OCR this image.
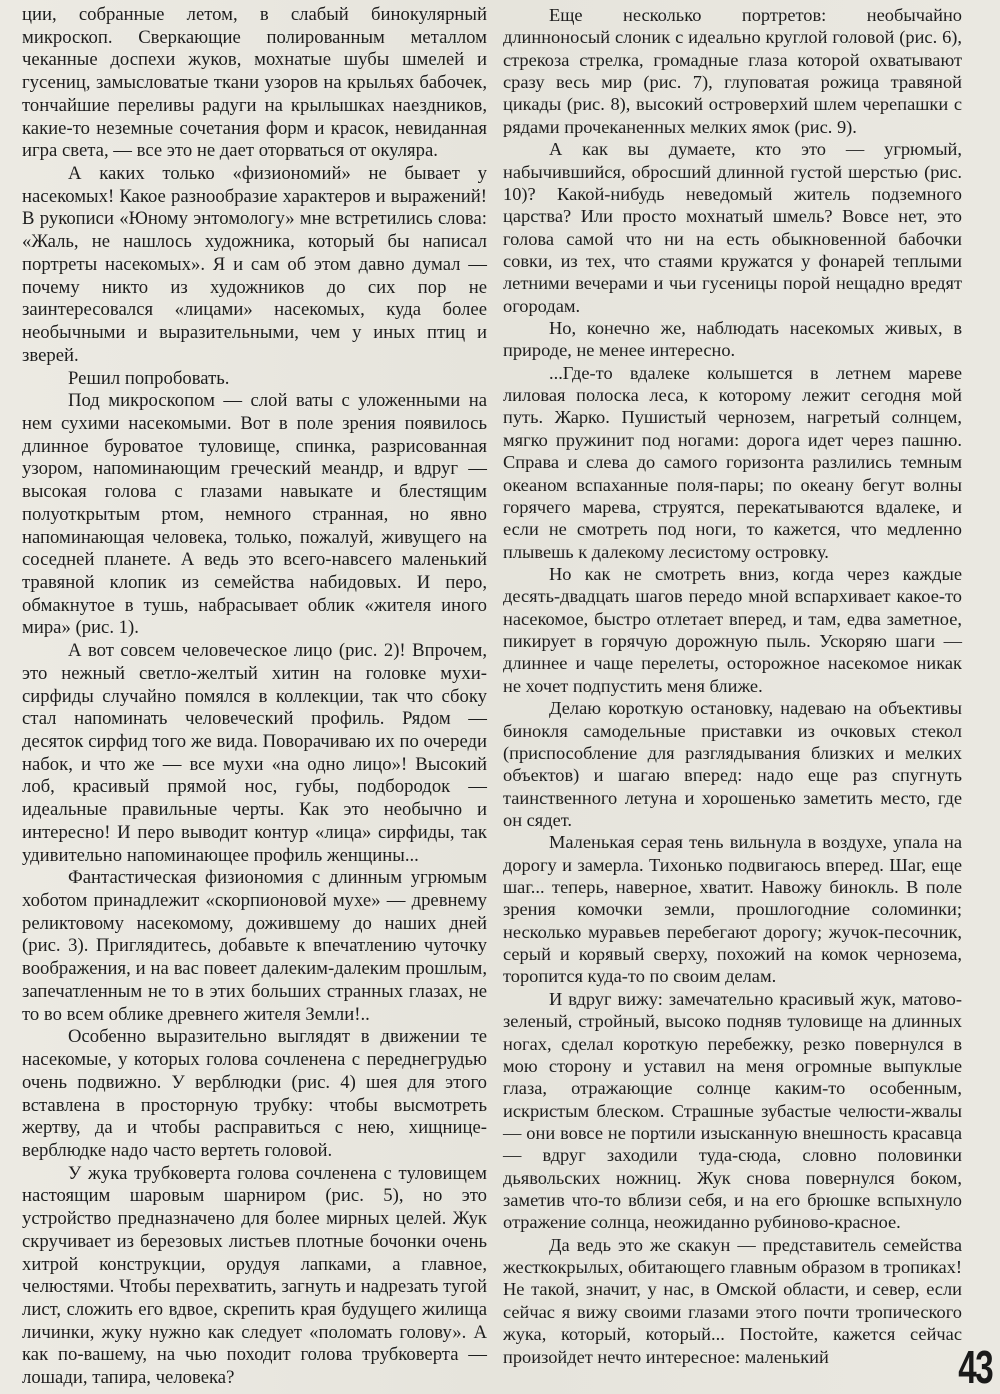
ции, собранные летом, в слабый бинокулярный микроскоп. Сверкающие полированным металлом чеканные доспехи жуков, мохнатые шубы шмелей и гусениц, замысловатые ткани узоров на крыльях бабочек, тончайшие переливы радуги на крылышках наездников, какие-то неземные сочетания форм и красок, невиданная игра света, — все это не дает оторваться от окуляра.

А каких только «физиономий» не бывает у насекомых! Какое разнообразие характеров и выражений! В рукописи «Юному энтомологу» мне встретились слова: «Жаль, не нашлось художника, который бы написал портреты насекомых». Я и сам об этом давно думал — почему никто из художников до сих пор не заинтересовался «лицами» насекомых, куда более необычными и выразительными, чем у иных птиц и зверей.

Решил попробовать.

Под микроскопом — слой ваты с уложенными на нем сухими насекомыми. Вот в поле зрения появилось длинное буроватое туловище, спинка, разрисованная узором, напоминающим греческий меандр, и вдруг — высокая голова с глазами навыкате и блестящим полуоткрытым ртом, немного странная, но явно напоминающая человека, только, пожалуй, живущего на соседней планете. А ведь это всего-навсего маленький травяной клопик из семейства набидовых. И перо, обмакнутое в тушь, набрасывает облик «жителя иного мира» (рис. 1).

А вот совсем человеческое лицо (рис. 2)! Впрочем, это нежный светло-желтый хитин на головке мухи-сирфиды случайно помялся в коллекции, так что сбоку стал напоминать человеческий профиль. Рядом — десяток сирфид того же вида. Поворачиваю их по очереди набок, и что же — все мухи «на одно лицо»! Высокий лоб, красивый прямой нос, губы, подбородок — идеальные правильные черты. Как это необычно и интересно! И перо выводит контур «лица» сирфиды, так удивительно напоминающее профиль женщины...

Фантастическая физиономия с длинным угрюмым хоботом принадлежит «скорпионовой мухе» — древнему реликтовому насекомому, дожившему до наших дней (рис. 3). Приглядитесь, добавьте к впечатлению чуточку воображения, и на вас повеет далеким-далеким прошлым, запечатленным не то в этих больших странных глазах, не то во всем облике древнего жителя Земли!..

Особенно выразительно выглядят в движении те насекомые, у которых голова сочленена с переднегрудью очень подвижно. У верблюдки (рис. 4) шея для этого вставлена в просторную трубку: чтобы высмотреть жертву, да и чтобы расправиться с нею, хищнице-верблюдке надо часто вертеть головой.

У жука трубковерта голова сочленена с туловищем настоящим шаровым шарниром (рис. 5), но это устройство предназначено для более мирных целей. Жук скручивает из березовых листьев плотные бочонки очень хитрой конструкции, орудуя лапками, а главное, челюстями. Чтобы перехватить, загнуть и надрезать тугой лист, сложить его вдвое, скрепить края будущего жилища личинки, жуку нужно как следует «поломать голову». А как по-вашему, на чью походит голова трубковерта — лошади, тапира, человека?

Еще несколько портретов: необычайно длинноносый слоник с идеально круглой головой (рис. 6), стрекоза стрелка, громадные глаза которой охватывают сразу весь мир (рис. 7), глуповатая рожица травяной цикады (рис. 8), высокий островерхий шлем черепашки с рядами прочеканенных мелких ямок (рис. 9).

А как вы думаете, кто это — угрюмый, набычившийся, обросший длинной густой шерстью (рис. 10)? Какой-нибудь неведомый житель подземного царства? Или просто мохнатый шмель? Вовсе нет, это голова самой что ни на есть обыкновенной бабочки совки, из тех, что стаями кружатся у фонарей теплыми летними вечерами и чьи гусеницы порой нещадно вредят огородам.

Но, конечно же, наблюдать насекомых живых, в природе, не менее интересно.

...Где-то вдалеке колышется в летнем мареве лиловая полоска леса, к которому лежит сегодня мой путь. Жарко. Пушистый чернозем, нагретый солнцем, мягко пружинит под ногами: дорога идет через пашню. Справа и слева до самого горизонта разлились темным океаном вспаханные поля-пары; по океану бегут волны горячего марева, струятся, перекатываются вдалеке, и если не смотреть под ноги, то кажется, что медленно плывешь к далекому лесистому островку.

Но как не смотреть вниз, когда через каждые десять-двадцать шагов передо мной вспархивает какое-то насекомое, быстро отлетает вперед, и там, едва заметное, пикирует в горячую дорожную пыль. Ускоряю шаги — длиннее и чаще перелеты, осторожное насекомое никак не хочет подпустить меня ближе.

Делаю короткую остановку, надеваю на объективы бинокля самодельные приставки из очковых стекол (приспособление для разглядывания близких и мелких объектов) и шагаю вперед: надо еще раз спугнуть таинственного летуна и хорошенько заметить место, где он сядет.

Маленькая серая тень вильнула в воздухе, упала на дорогу и замерла. Тихонько подвигаюсь вперед. Шаг, еще шаг... теперь, наверное, хватит. Навожу бинокль. В поле зрения комочки земли, прошлогодние соломинки; несколько муравьев перебегают дорогу; жучок-песочник, серый и корявый сверху, похожий на комок чернозема, торопится куда-то по своим делам.

И вдруг вижу: замечательно красивый жук, матово-зеленый, стройный, высоко подняв туловище на длинных ногах, сделал короткую перебежку, резко повернулся в мою сторону и уставил на меня огромные выпуклые глаза, отражающие солнце каким-то особенным, искристым блеском. Страшные зубастые челюсти-жвалы — они вовсе не портили изысканную внешность красавца — вдруг заходили туда-сюда, словно половинки дьявольских ножниц. Жук снова повернулся боком, заметив что-то вблизи себя, и на его брюшке вспыхнуло отражение солнца, неожиданно рубиново-красное.

Да ведь это же скакун — представитель семейства жесткокрылых, обитающего главным образом в тропиках! Не такой, значит, у нас, в Омской области, и север, если сейчас я вижу своими глазами этого почти тропического жука, который, который... Постойте, кажется сейчас произойдет нечто интересное: маленький	43
